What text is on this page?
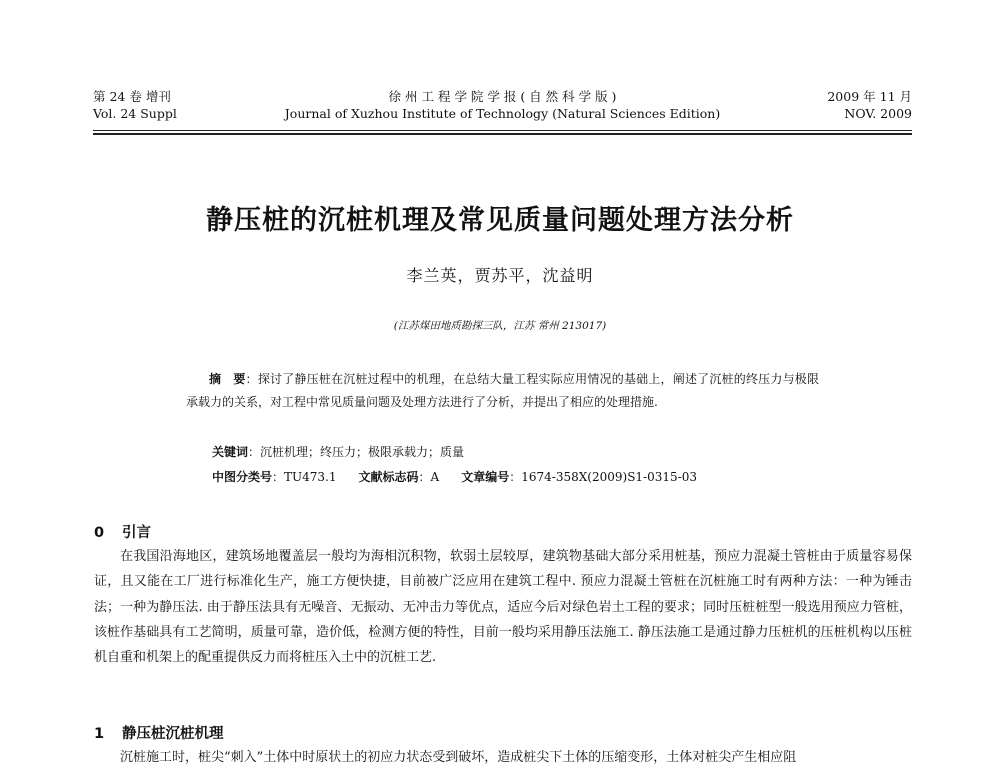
第 24 卷 增刊
Vol. 24 Suppl
徐 州 工 程 学 院 学 报 ( 自 然 科 学 版 )
Journal of Xuzhou Institute of Technology (Natural Sciences Edition)
2009 年 11 月
NOV. 2009
静压桩的沉桩机理及常见质量问题处理方法分析
李兰英，贾苏平，沈益明
(江苏煤田地质勘探三队，江苏 常州 213017)

摘　要：探讨了静压桩在沉桩过程中的机理，在总结大量工程实际应用情况的基础上，阐述了沉桩的终压力与极限承载力的关系，对工程中常见质量问题及处理方法进行了分析，并提出了相应的处理措施.

关键词：沉桩机理；终压力；极限承载力；质量
中图分类号：TU473.1 文献标志码：A 文章编号：1674-358X(2009)S1-0315-03
0 引言

在我国沿海地区，建筑场地覆盖层一般均为海相沉积物，软弱土层较厚，建筑物基础大部分采用桩基，预应力混凝土管桩由于质量容易保证，且又能在工厂进行标准化生产，施工方便快捷，目前被广泛应用在建筑工程中. 预应力混凝土管桩在沉桩施工时有两种方法：一种为锤击法；一种为静压法. 由于静压法具有无噪音、无振动、无冲击力等优点，适应今后对绿色岩土工程的要求；同时压桩桩型一般选用预应力管桩，该桩作基础具有工艺简明，质量可靠，造价低，检测方便的特性，目前一般均采用静压法施工. 静压法施工是通过静力压桩机的压桩机构以压桩机自重和机架上的配重提供反力而将桩压入土中的沉桩工艺.

1 静压桩沉桩机理
沉桩施工时，桩尖“刺入”土体中时原状土的初应力状态受到破坏，造成桩尖下土体的压缩变形，土体对桩尖产生相应阻
